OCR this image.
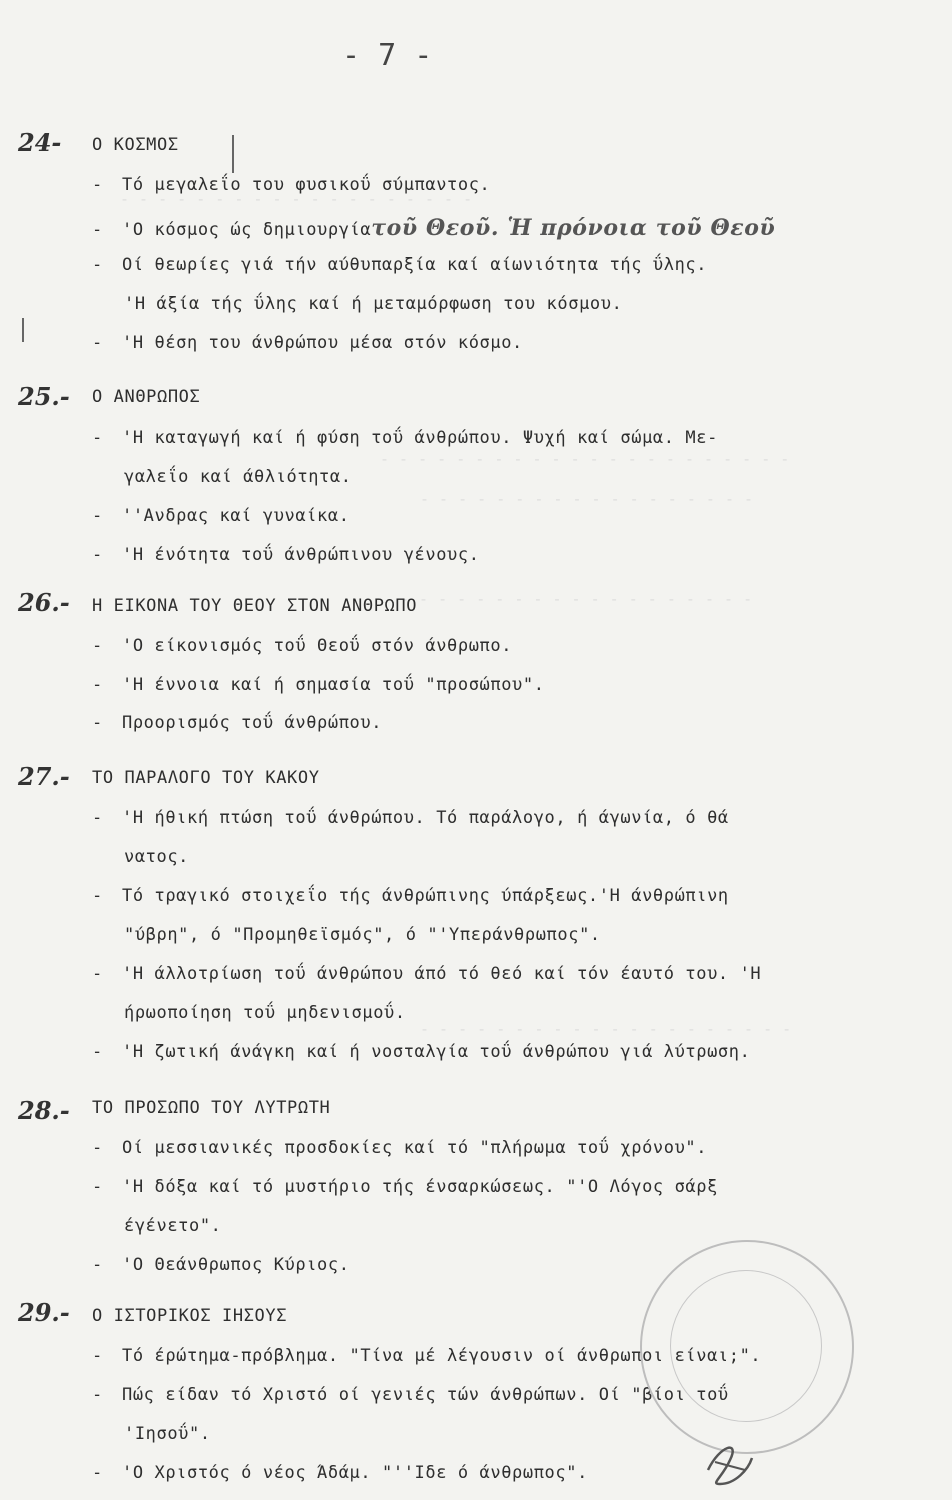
- - - - - - - - - - - - - - - - - - -
- - - - - - - - - - - - - - - - - - - - - -
- - - - - - - - - - - - - - - - - -
- - - - - - - - - - - - - - - - - - -
- - - - - - - - - - - - - - - - - - - -
- 7 -
24-
25.-
26.-
27.-
28.-
29.-
Ο ΚΟΣΜΟΣ
- Τό μεγαλεΐο του φυσικοΰ σύμπαντος.
- 'Ο κόσμος ώς δημιουργίατοῦ Θεοῦ. Ἡ πρόνοια τοῦ Θεοῦ
- Οί θεωρίες γιά τήν αύθυπαρξία καί αίωνιότητα τής ΰλης.
'Η άξία τής ΰλης καί ή μεταμόρφωση του κόσμου.
- 'Η θέση του άνθρώπου μέσα στόν κόσμο.
Ο ΑΝΘΡΩΠΟΣ
- 'Η καταγωγή καί ή φύση τοΰ άνθρώπου. Ψυχή καί σώμα. Με-
γαλεΐο καί άθλιότητα.
- ''Ανδρας καί γυναίκα.
- 'Η ένότητα τοΰ άνθρώπινου γένους.
Η ΕΙΚΟΝΑ ΤΟΥ ΘΕΟΥ ΣΤΟΝ ΑΝΘΡΩΠΟ
- 'Ο είκονισμός τοΰ Θεοΰ στόν άνθρωπο.
- 'Η έννοια καί ή σημασία τοΰ "προσώπου".
- Προορισμός τοΰ άνθρώπου.
ΤΟ ΠΑΡΑΛΟΓΟ ΤΟΥ ΚΑΚΟΥ
- 'Η ήθική πτώση τοΰ άνθρώπου. Τό παράλογο, ή άγωνία, ό θά
νατος.
- Τό τραγικό στοιχεΐο τής άνθρώπινης ύπάρξεως.'Η άνθρώπινη
"ύβρη", ό "Προμηθεϊσμός", ό "'Υπεράνθρωπος".
- 'Η άλλοτρίωση τοΰ άνθρώπου άπό τό θεό καί τόν έαυτό του. 'Η
ήρωοποίηση τοΰ μηδενισμοΰ.
- 'Η ζωτική άνάγκη καί ή νοσταλγία τοΰ άνθρώπου γιά λύτρωση.
ΤΟ ΠΡΟΣΩΠΟ ΤΟΥ ΛΥΤΡΩΤΗ
- Οί μεσσιανικές προσδοκίες καί τό "πλήρωμα τοΰ χρόνου".
- 'Η δόξα καί τό μυστήριο τής ένσαρκώσεως. "'Ο Λόγος σάρξ
έγένετο".
- 'Ο Θεάνθρωπος Κύριος.
Ο ΙΣΤΟΡΙΚΟΣ ΙΗΣΟΥΣ
- Τό έρώτημα-πρόβλημα. "Τίνα μέ λέγουσιν οί άνθρωποι είναι;".
- Πώς είδαν τό Χριστό οί γενιές τών άνθρώπων. Οί "βίοι τοΰ
'Ιησοΰ".
- 'Ο Χριστός ό νέος Άδάμ. "''Ιδε ό άνθρωπος".
